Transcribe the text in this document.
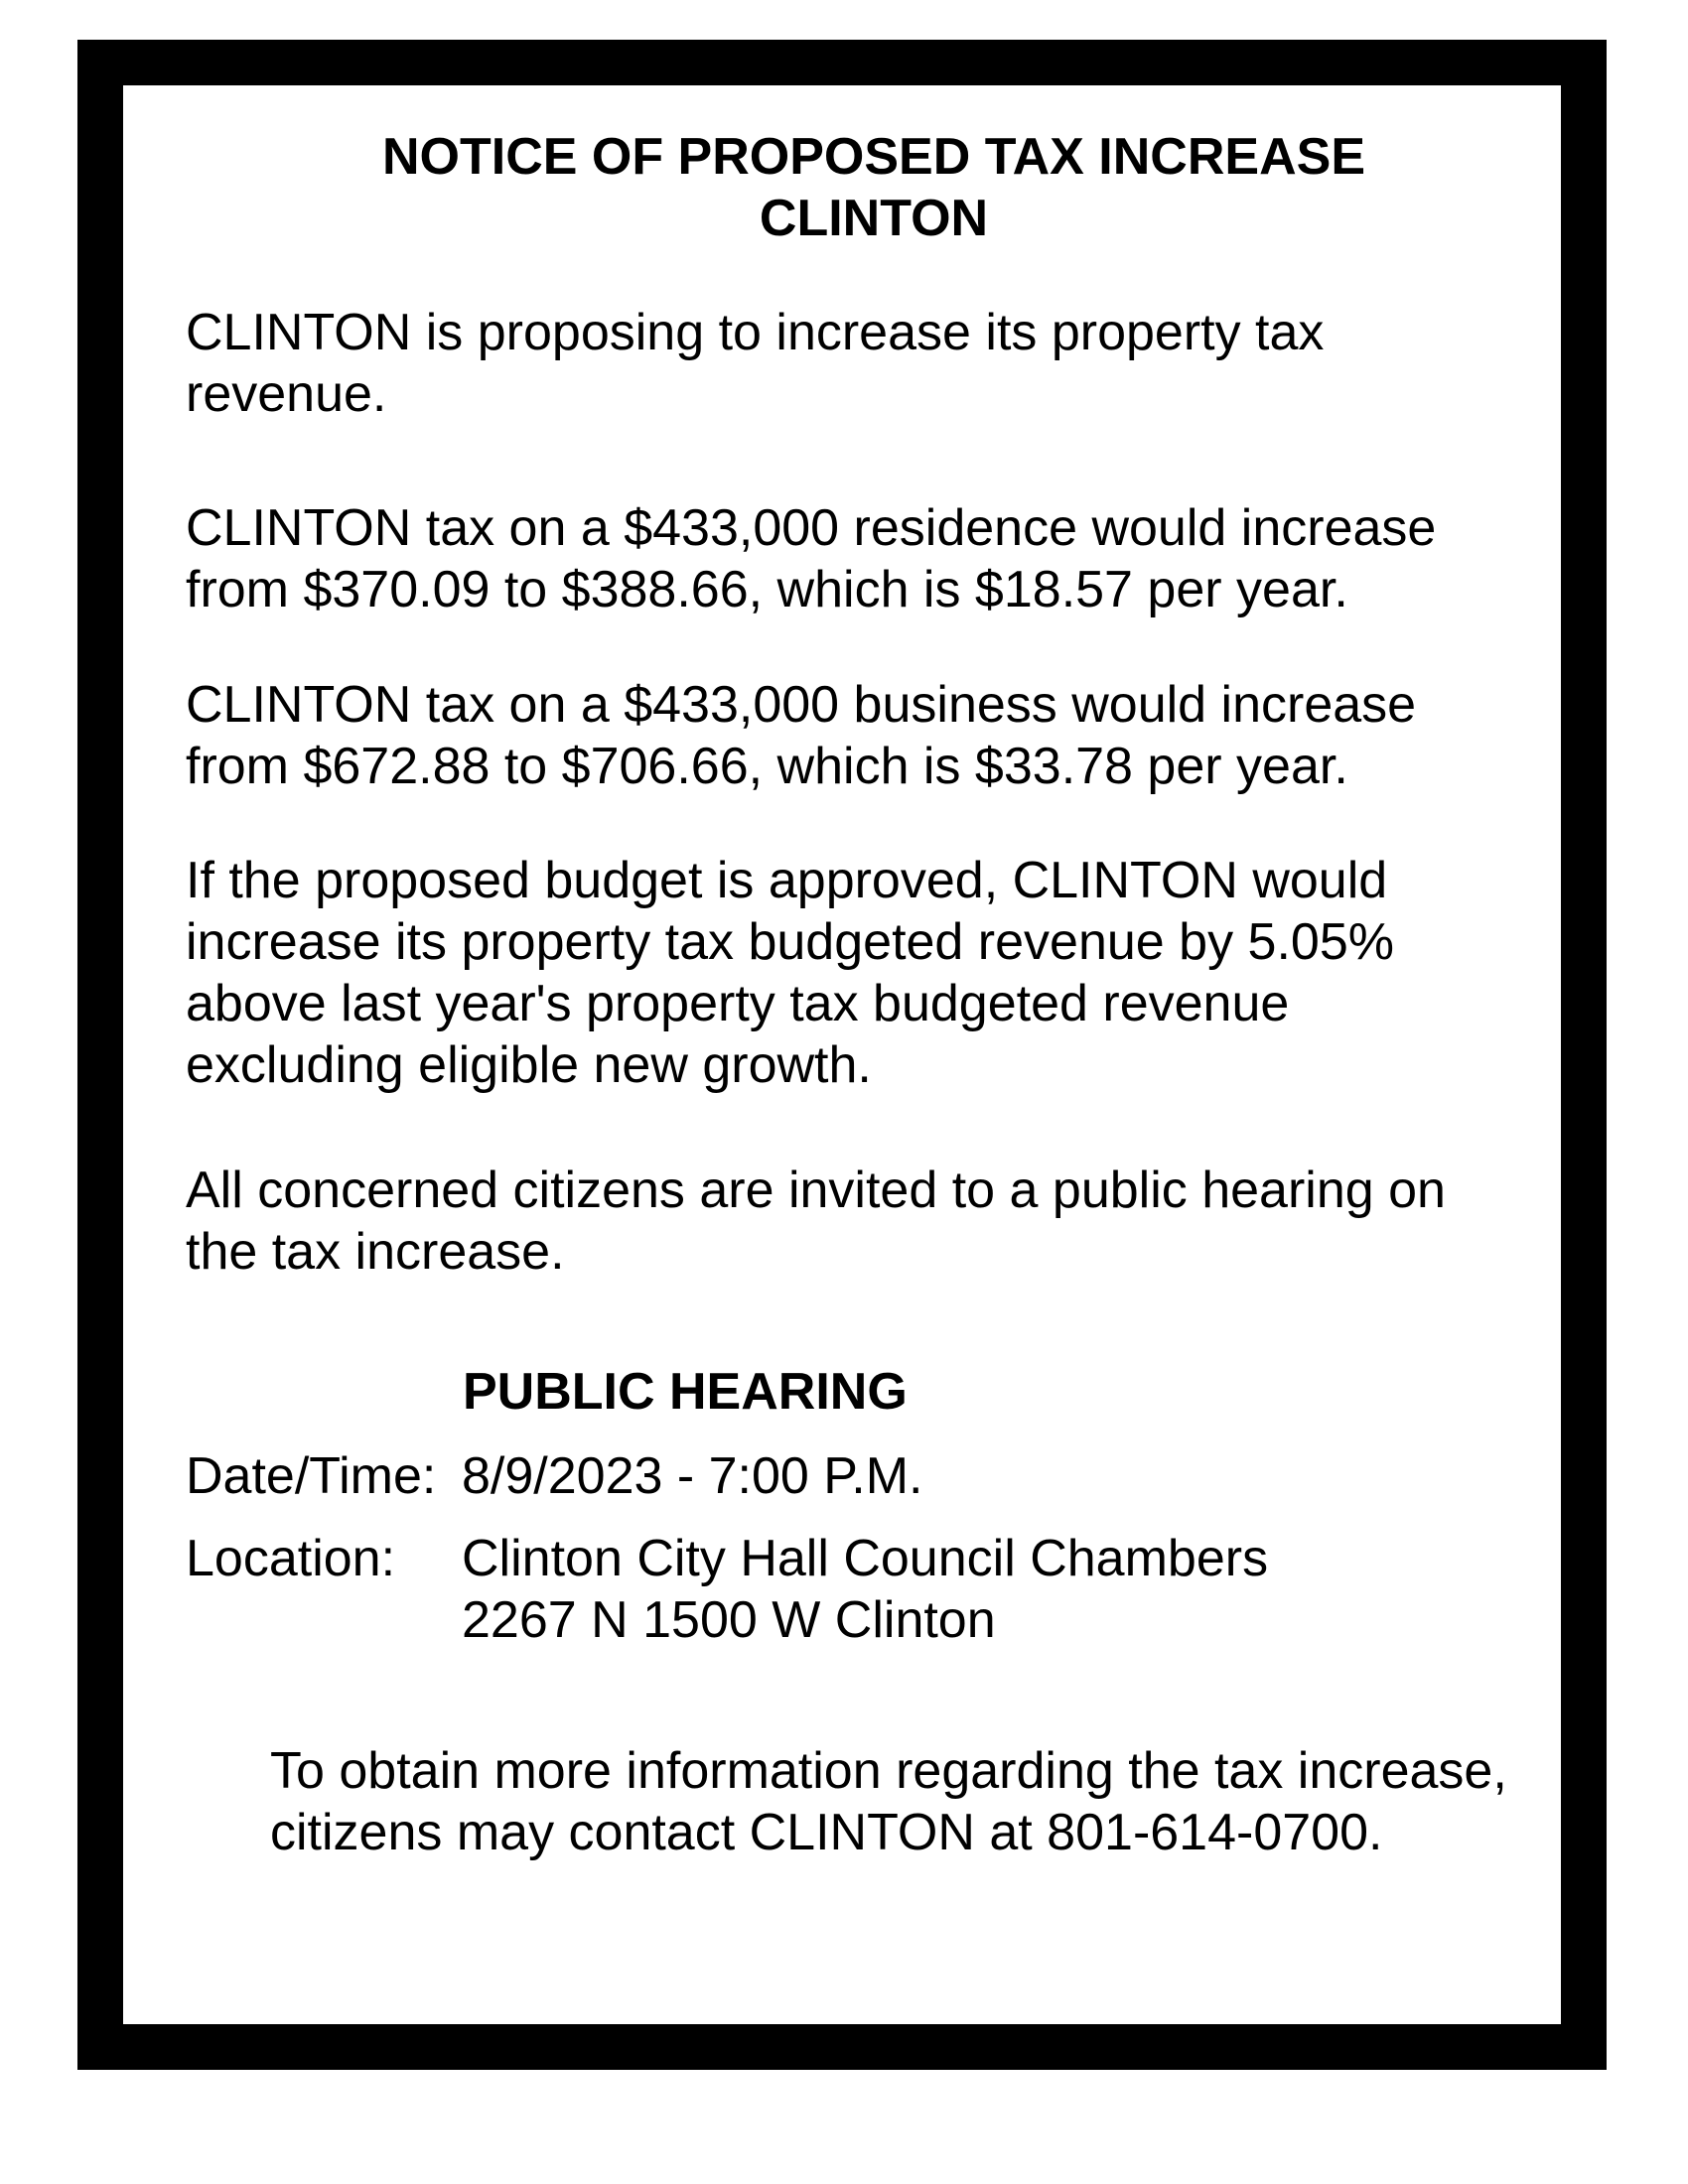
NOTICE OF PROPOSED TAX INCREASE
CLINTON
CLINTON is proposing to increase its property tax
revenue.
CLINTON tax on a $433,000 residence would increase
from $370.09 to $388.66, which is $18.57 per year.
CLINTON tax on a $433,000 business would increase
from $672.88 to $706.66, which is $33.78 per year.
If the proposed budget is approved, CLINTON would
increase its property tax budgeted revenue by 5.05%
above last year's property tax budgeted revenue
excluding eligible new growth.
All concerned citizens are invited to a public hearing on
the tax increase.
PUBLIC HEARING
Date/Time: 8/9/2023 - 7:00 P.M.
Location:	Clinton City Hall Council Chambers
2267 N 1500 W Clinton
To obtain more information regarding the tax increase,
citizens may contact CLINTON at 801-614-0700.
